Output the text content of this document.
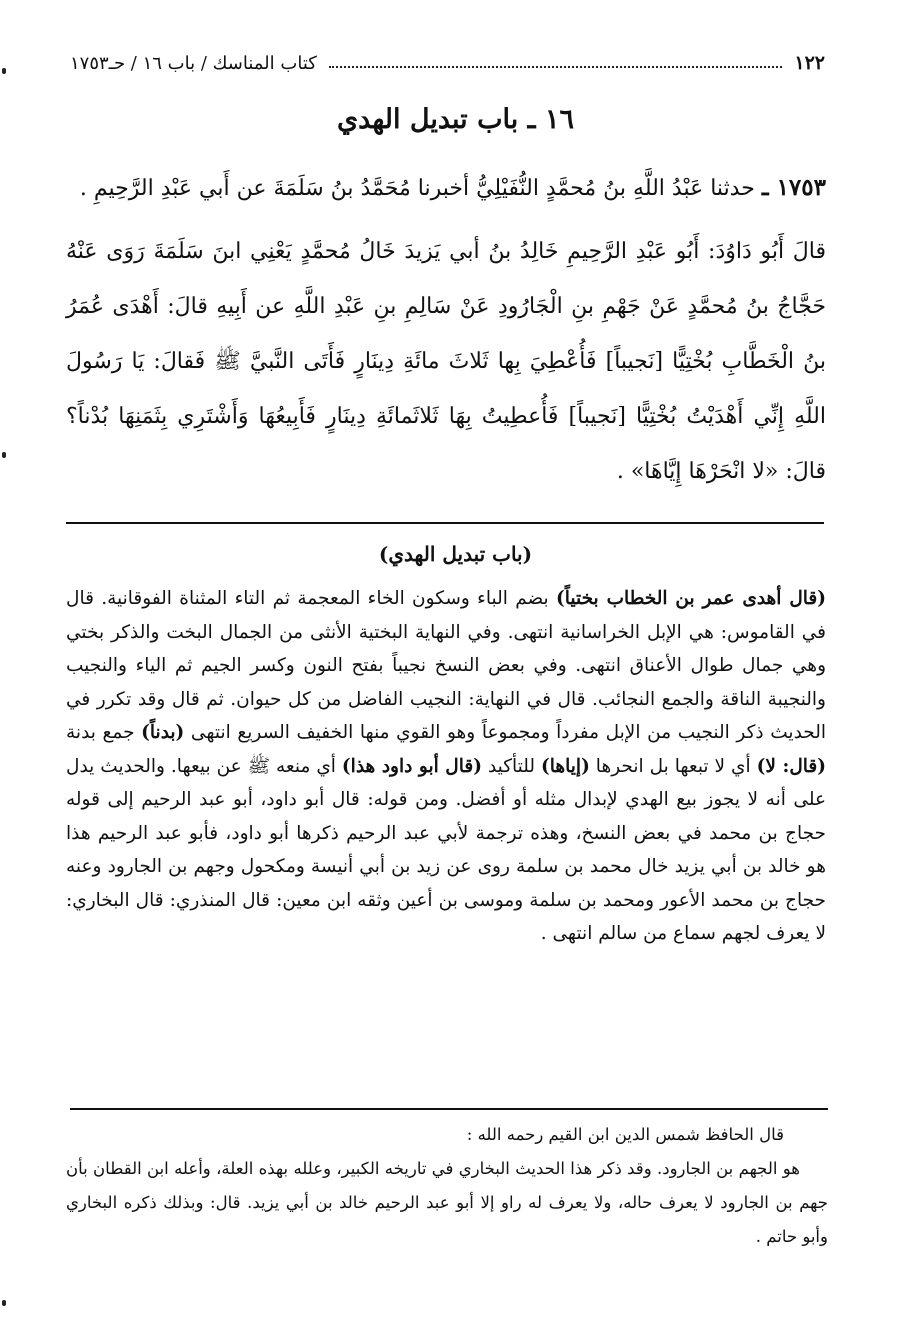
١٢٢
كتاب المناسك / باب ١٦ / حـ١٧٥٣
١٦ ـ باب تبديل الهدي

١٧٥٣ ـ حدثنا عَبْدُ اللَّهِ بنُ مُحمَّدٍ النُّفَيْلِيُّ أخبرنا مُحَمَّدُ بنُ سَلَمَةَ عن أَبي عَبْدِ الرَّحِيمِ .

قالَ أَبُو دَاوُدَ: أَبُو عَبْدِ الرَّحِيمِ خَالِدُ بنُ أبي يَزيدَ خَالُ مُحمَّدٍ يَعْنِي ابنَ سَلَمَةَ رَوَى عَنْهُ حَجَّاجُ بنُ مُحمَّدٍ عَنْ جَهْمِ بنِ الْجَارُودِ عَنْ سَالِمِ بنِ عَبْدِ اللَّهِ عن أَبِيهِ قالَ: أَهْدَى عُمَرُ بنُ الْخَطَّابِ بُخْتِيًّا [نَجيباً] فَأُعْطِيَ بِها ثَلاثَ مائَةِ دِينَارٍ فَأَتَى النَّبيَّ ﷺ فَقالَ: يَا رَسُولَ اللَّهِ إِنِّي أَهْدَيْتُ بُخْتِيًّا [نَجيباً] فَأُعطِيتُ بِهَا ثَلاثَمائَةِ دِينَارٍ فَأَبِيعُهَا وَأَشْتَرِي بِثَمَنِهَا بُدْناً؟ قالَ: «لا انْحَرْهَا إِيَّاهَا» .

(باب تبديل الهدي)

(قال أهدى عمر بن الخطاب بختياً) بضم الباء وسكون الخاء المعجمة ثم التاء المثناة الفوقانية. قال في القاموس: هي الإبل الخراسانية انتهى. وفي النهاية البختية الأنثى من الجمال البخت والذكر بختي وهي جمال طوال الأعناق انتهى. وفي بعض النسخ نجيباً بفتح النون وكسر الجيم ثم الياء والنجيب والنجيبة الناقة والجمع النجائب. قال في النهاية: النجيب الفاضل من كل حيوان. ثم قال وقد تكرر في الحديث ذكر النجيب من الإبل مفرداً ومجموعاً وهو القوي منها الخفيف السريع انتهى (بدناً) جمع بدنة (قال: لا) أي لا تبعها بل انحرها (إياها) للتأكيد (قال أبو داود هذا) أي منعه ﷺ عن بيعها. والحديث يدل على أنه لا يجوز بيع الهدي لإبدال مثله أو أفضل. ومن قوله: قال أبو داود، أبو عبد الرحيم إلى قوله حجاج بن محمد في بعض النسخ، وهذه ترجمة لأبي عبد الرحيم ذكرها أبو داود، فأبو عبد الرحيم هذا هو خالد بن أبي يزيد خال محمد بن سلمة روى عن زيد بن أبي أنيسة ومكحول وجهم بن الجارود وعنه حجاج بن محمد الأعور ومحمد بن سلمة وموسى بن أعين وثقه ابن معين: قال المنذري: قال البخاري: لا يعرف لجهم سماع من سالم انتهى .

قال الحافظ شمس الدين ابن القيم رحمه الله :

هو الجهم بن الجارود. وقد ذكر هذا الحديث البخاري في تاريخه الكبير، وعلله بهذه العلة، وأعله ابن القطان بأن جهم بن الجارود لا يعرف حاله، ولا يعرف له راو إلا أبو عبد الرحيم خالد بن أبي يزيد. قال: وبذلك ذكره البخاري وأبو حاتم .
